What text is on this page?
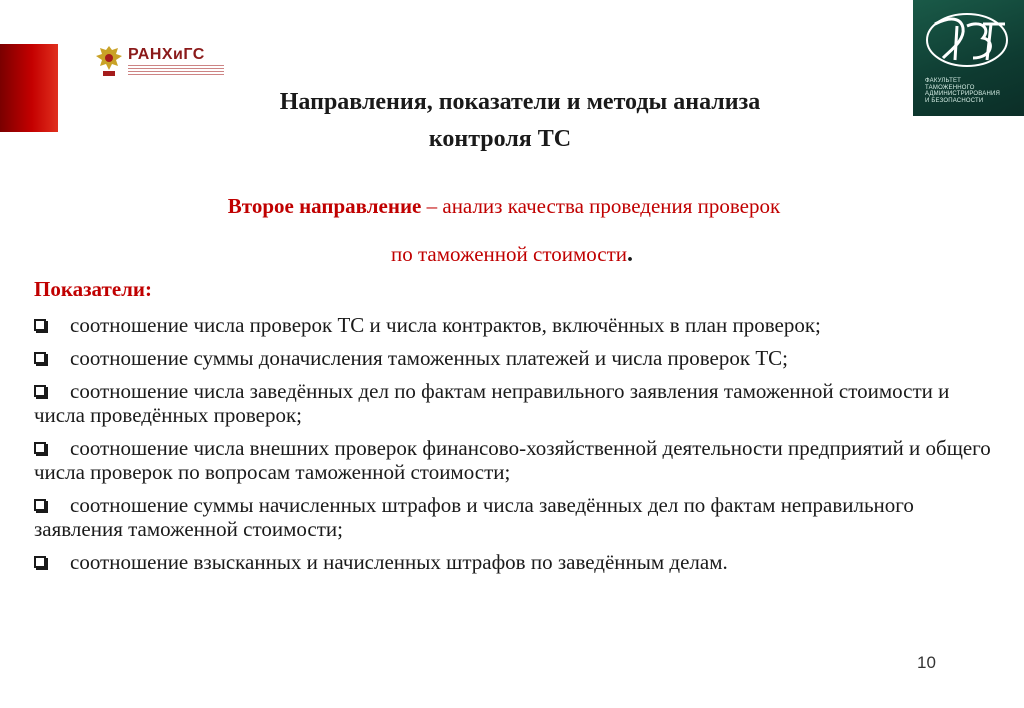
РАНХиГС
ФАКУЛЬТЕТ
ТАМОЖЕННОГО
АДМИНИСТРИРОВАНИЯ
И БЕЗОПАСНОСТИ
Направления, показатели и методы анализа
контроля ТС
Второе направление – анализ качества проведения проверок
по таможенной стоимости.
Показатели:
соотношение числа проверок ТС и числа контрактов, включённых в план проверок;
соотношение суммы доначисления таможенных платежей и числа проверок ТС;
соотношение числа заведённых дел по фактам неправильного заявления таможенной стоимости и числа проведённых проверок;
соотношение числа внешних проверок финансово-хозяйственной деятельности предприятий и общего числа проверок по вопросам таможенной стоимости;
соотношение суммы начисленных штрафов и числа заведённых дел по фактам неправильного заявления таможенной стоимости;
соотношение взысканных и начисленных штрафов по заведённым делам.
10
